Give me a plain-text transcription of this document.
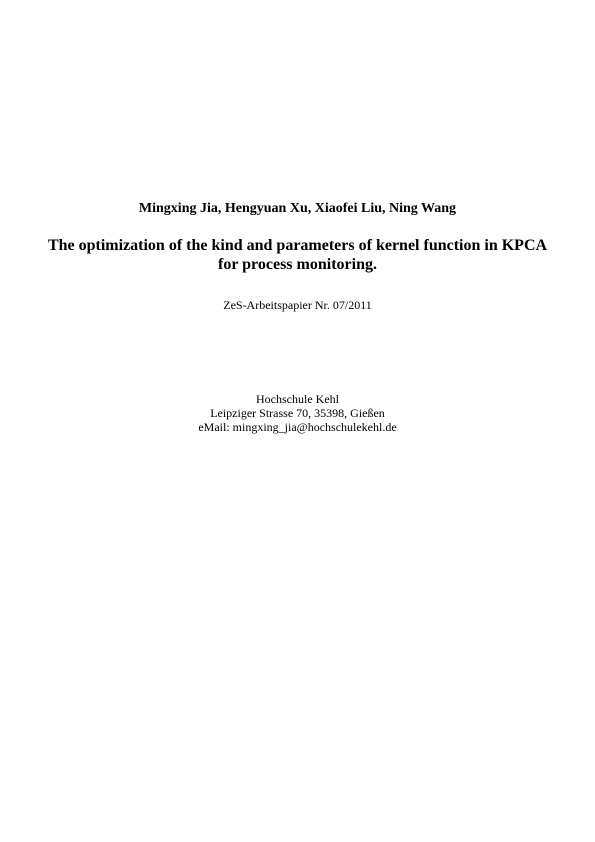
Mingxing Jia, Hengyuan Xu, Xiaofei Liu, Ning Wang
The optimization of the kind and parameters of kernel function in KPCA
for process monitoring.
ZeS-Arbeitspapier Nr. 07/2011
Hochschule Kehl
Leipziger Strasse 70, 35398, Gießen
eMail: mingxing_jia@hochschulekehl.de
